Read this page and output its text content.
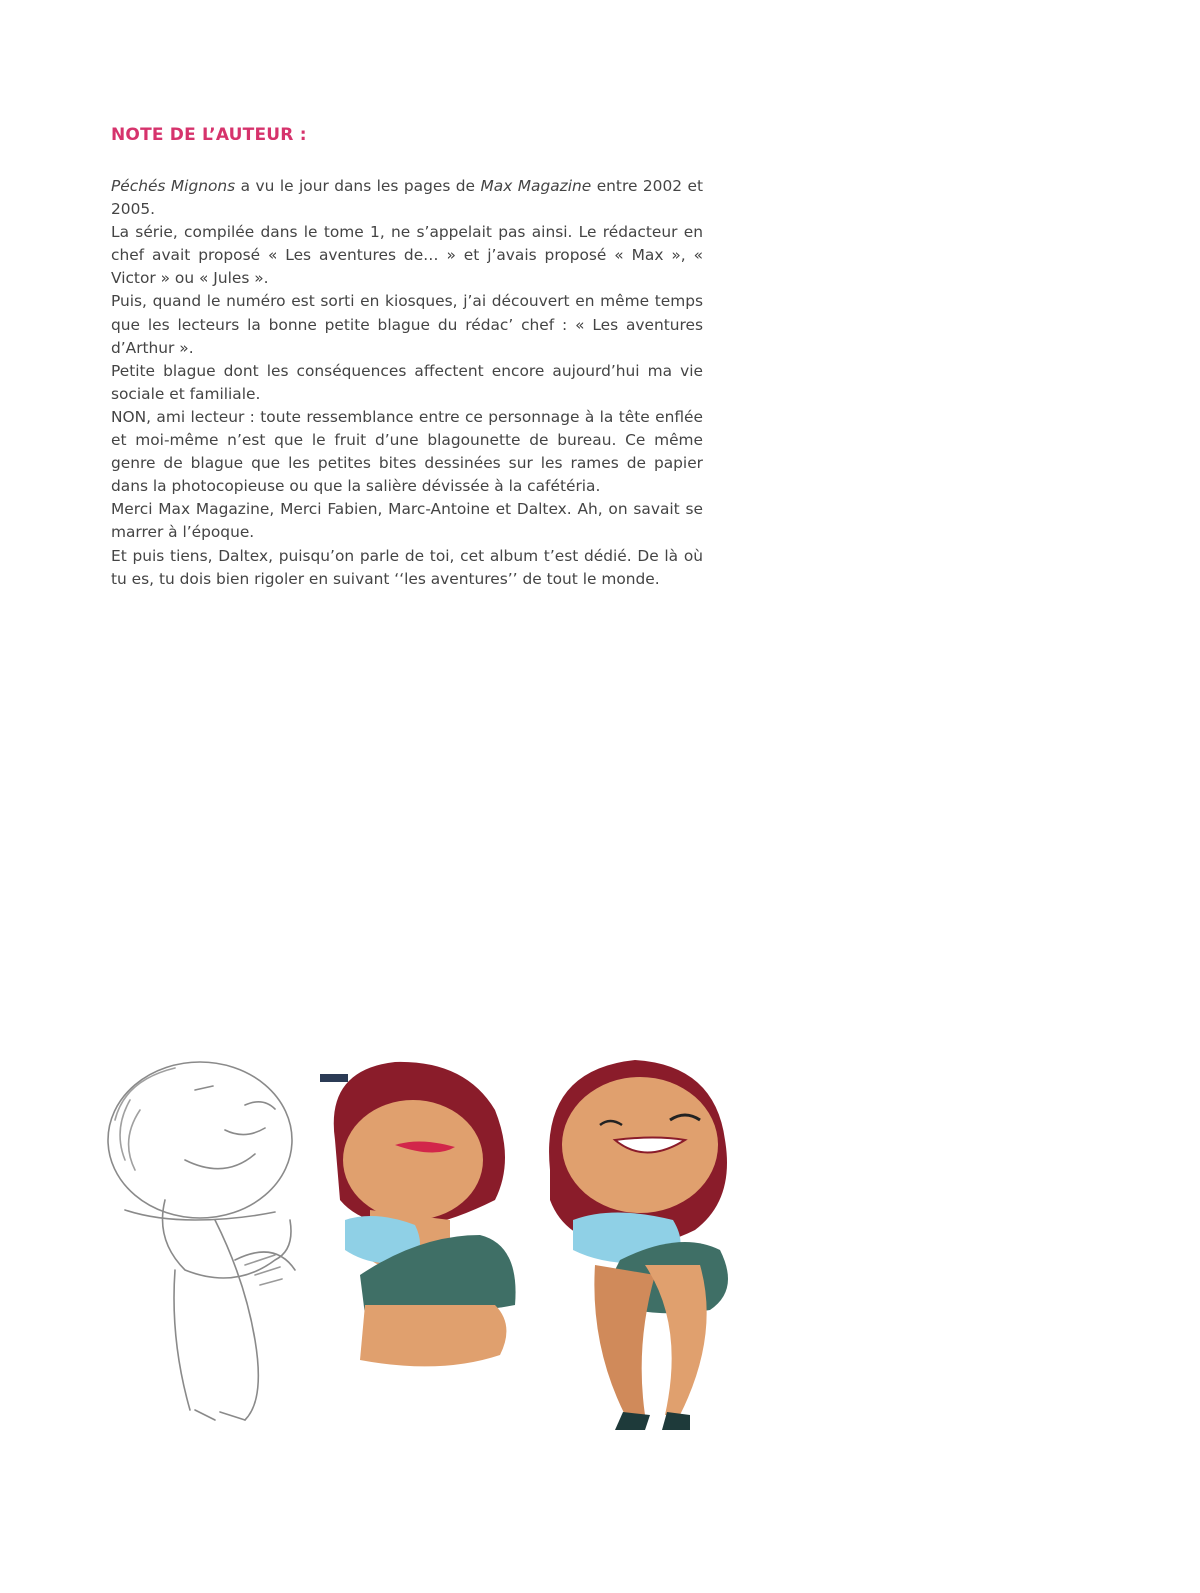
NOTE DE L’AUTEUR :

Péchés Mignons a vu le jour dans les pages de Max Magazine entre 2002 et 2005.

La série, compilée dans le tome 1, ne s’appelait pas ainsi. Le rédacteur en chef avait proposé « Les aventures de… » et j’avais proposé « Max », « Victor » ou « Jules ».

Puis, quand le numéro est sorti en kiosques, j’ai découvert en même temps que les lecteurs la bonne petite blague du rédac’ chef : « Les aventures d’Arthur ».

Petite blague dont les conséquences affectent encore aujourd’hui ma vie sociale et familiale.

NON, ami lecteur : toute ressemblance entre ce personnage à la tête enflée et moi-même n’est que le fruit d’une blagounette de bureau. Ce même genre de blague que les petites bites dessinées sur les rames de papier dans la photocopieuse ou que la salière dévissée à la cafétéria.

Merci Max Magazine, Merci Fabien, Marc-Antoine et Daltex. Ah, on savait se marrer à l’époque.

Et puis tiens, Daltex, puisqu’on parle de toi, cet album t’est dédié. De là où tu es, tu dois bien rigoler en suivant ‘‘les aventures’’ de tout le monde.
